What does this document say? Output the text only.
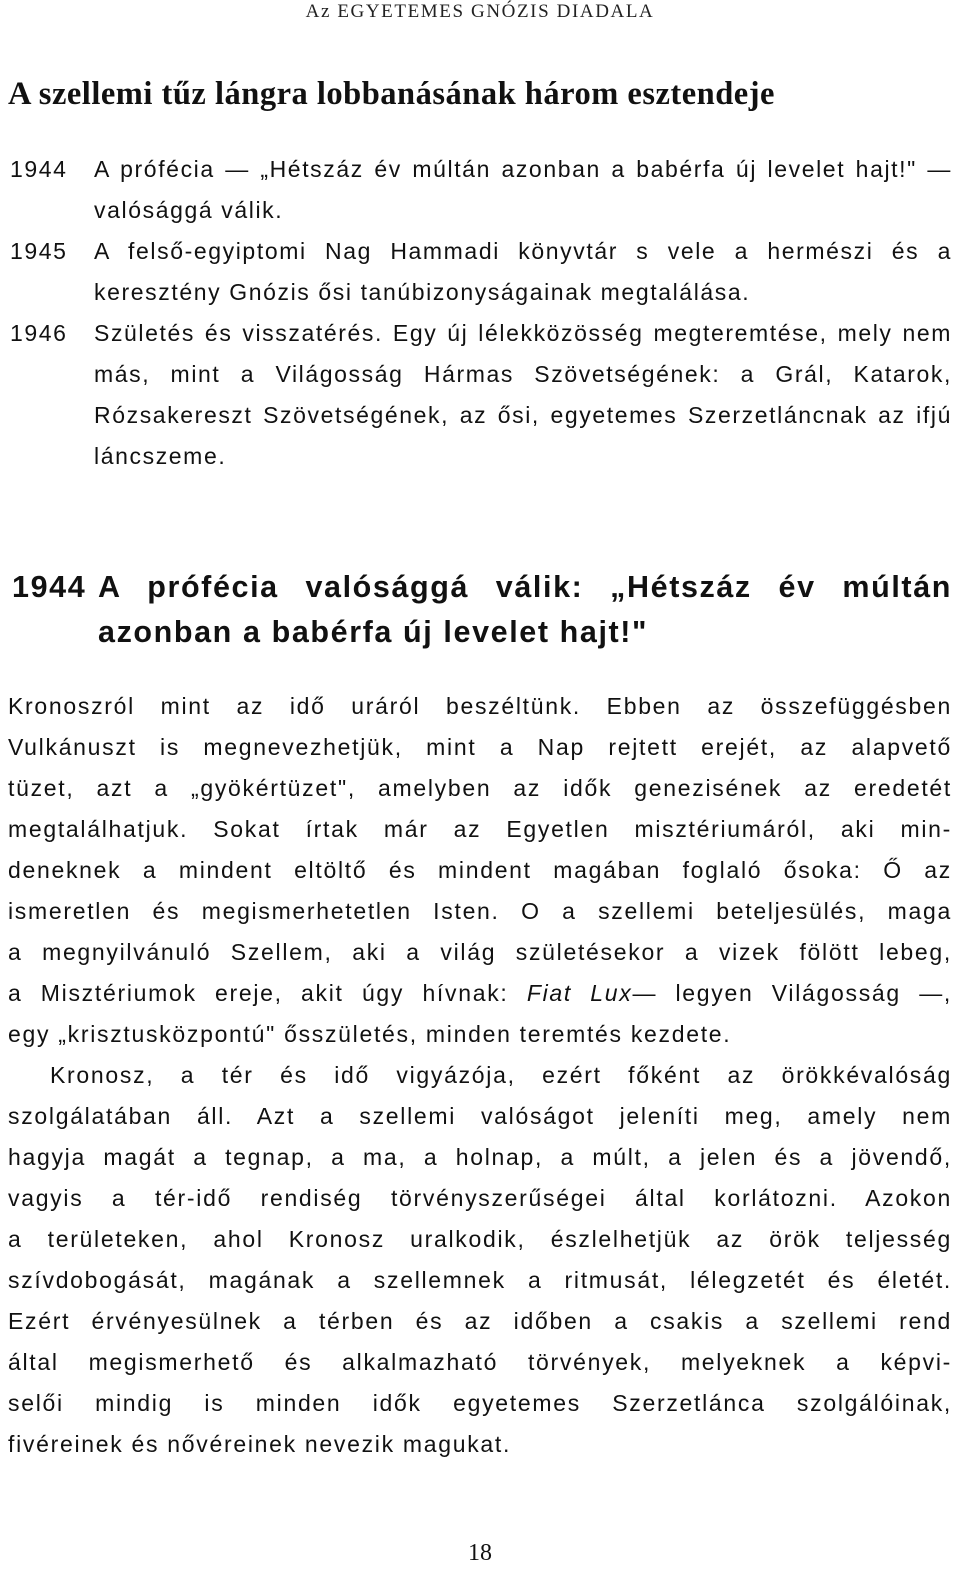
Az EGYETEMES GNÓZIS DIADALA
A szellemi tűz lángra lobbanásának három esztendeje
1944	A prófécia — „Hétszáz év múltán azonban a babérfa új levelet hajt!" — valósággá válik.
1945	A felső-egyiptomi Nag Hammadi könyvtár s vele a hermészi és a keresztény Gnózis ősi tanúbizonyságainak megtalálása.
1946	Születés és visszatérés. Egy új lélekközösség megteremtése, mely nem más, mint a Világosság Hármas Szövetségének: a Grál, Katarok, Rózsakereszt Szövetségének, az ősi, egyetemes Szerzetláncnak az ifjú láncszeme.
1944 A prófécia valósággá válik: „Hétszáz év múltán
azonban a babérfa új levelet hajt!"
Kronoszról mint az idő uráról beszéltünk. Ebben az összefüggésben
Vulkánuszt is megnevezhetjük, mint a Nap rejtett erejét, az alapvető
tüzet, azt a „gyökértüzet", amelyben az idők genezisének az eredetét
megtalálhatjuk. Sokat írtak már az Egyetlen misztériumáról, aki min-
deneknek a mindent eltöltő és mindent magában foglaló ősoka: Ő az
ismeretlen és megismerhetetlen Isten. O a szellemi beteljesülés, maga
a megnyilvánuló Szellem, aki a világ születésekor a vizek fölött lebeg,
a Misztériumok ereje, akit úgy hívnak: Fiat Lux— legyen Világosság —,
egy „krisztusközpontú" ősszületés, minden teremtés kezdete.
Kronosz, a tér és idő vigyázója, ezért főként az örökkévalóság
szolgálatában áll. Azt a szellemi valóságot jeleníti meg, amely nem
hagyja magát a tegnap, a ma, a holnap, a múlt, a jelen és a jövendő,
vagyis a tér-idő rendiség törvényszerűségei által korlátozni. Azokon
a területeken, ahol Kronosz uralkodik, észlelhetjük az örök teljesség
szívdobogását, magának a szellemnek a ritmusát, lélegzetét és életét.
Ezért érvényesülnek a térben és az időben a csakis a szellemi rend
által megismerhető és alkalmazható törvények, melyeknek a képvi-
selői mindig is minden idők egyetemes Szerzetlánca szolgálóinak,
fivéreinek és nővéreinek nevezik magukat.
18
